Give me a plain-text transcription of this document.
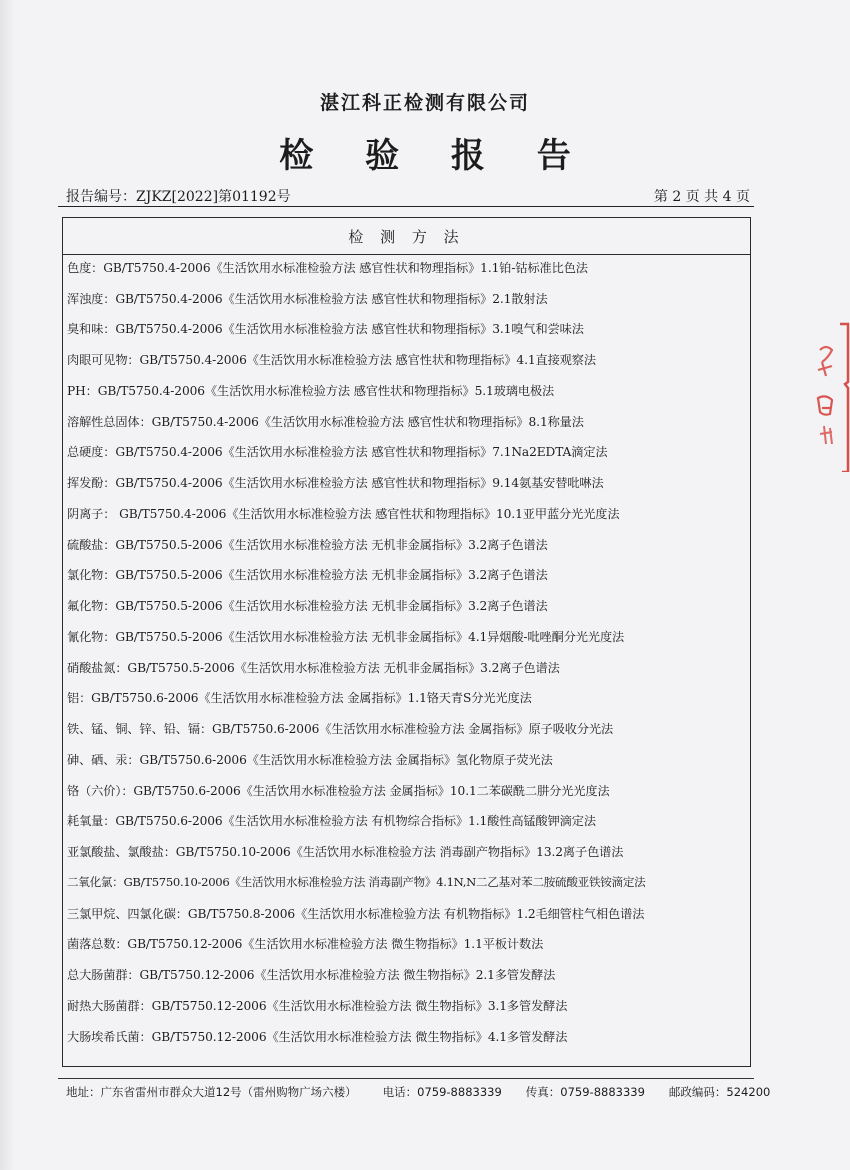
湛江科正检测有限公司
检 验 报 告
报告编号：ZJKZ[2022]第01192号	第 2 页 共 4 页
检 测 方 法
色度：GB/T5750.4-2006《生活饮用水标准检验方法 感官性状和物理指标》1.1铂-钴标准比色法
浑浊度：GB/T5750.4-2006《生活饮用水标准检验方法 感官性状和物理指标》2.1散射法
臭和味：GB/T5750.4-2006《生活饮用水标准检验方法 感官性状和物理指标》3.1嗅气和尝味法
肉眼可见物：GB/T5750.4-2006《生活饮用水标准检验方法 感官性状和物理指标》4.1直接观察法
PH：GB/T5750.4-2006《生活饮用水标准检验方法 感官性状和物理指标》5.1玻璃电极法
溶解性总固体：GB/T5750.4-2006《生活饮用水标准检验方法 感官性状和物理指标》8.1称量法
总硬度：GB/T5750.4-2006《生活饮用水标准检验方法 感官性状和物理指标》7.1Na2EDTA滴定法
挥发酚：GB/T5750.4-2006《生活饮用水标准检验方法 感官性状和物理指标》9.14氨基安替吡啉法
阴离子： GB/T5750.4-2006《生活饮用水标准检验方法 感官性状和物理指标》10.1亚甲蓝分光光度法
硫酸盐：GB/T5750.5-2006《生活饮用水标准检验方法 无机非金属指标》3.2离子色谱法
氯化物：GB/T5750.5-2006《生活饮用水标准检验方法 无机非金属指标》3.2离子色谱法
氟化物：GB/T5750.5-2006《生活饮用水标准检验方法 无机非金属指标》3.2离子色谱法
氰化物：GB/T5750.5-2006《生活饮用水标准检验方法 无机非金属指标》4.1异烟酸-吡唑酮分光光度法
硝酸盐氮：GB/T5750.5-2006《生活饮用水标准检验方法 无机非金属指标》3.2离子色谱法
铝：GB/T5750.6-2006《生活饮用水标准检验方法 金属指标》1.1铬天青S分光光度法
铁、锰、铜、锌、铅、镉：GB/T5750.6-2006《生活饮用水标准检验方法 金属指标》原子吸收分光法
砷、硒、汞：GB/T5750.6-2006《生活饮用水标准检验方法 金属指标》氢化物原子荧光法
铬（六价）：GB/T5750.6-2006《生活饮用水标准检验方法 金属指标》10.1二苯碳酰二肼分光光度法
耗氧量：GB/T5750.6-2006《生活饮用水标准检验方法 有机物综合指标》1.1酸性高锰酸钾滴定法
亚氯酸盐、氯酸盐：GB/T5750.10-2006《生活饮用水标准检验方法 消毒副产物指标》13.2离子色谱法
二氧化氯：GB/T5750.10-2006《生活饮用水标准检验方法 消毒副产物》4.1N,N二乙基对苯二胺硫酸亚铁铵滴定法
三氯甲烷、四氯化碳：GB/T5750.8-2006《生活饮用水标准检验方法 有机物指标》1.2毛细管柱气相色谱法
菌落总数：GB/T5750.12-2006《生活饮用水标准检验方法 微生物指标》1.1平板计数法
总大肠菌群：GB/T5750.12-2006《生活饮用水标准检验方法 微生物指标》2.1多管发酵法
耐热大肠菌群：GB/T5750.12-2006《生活饮用水标准检验方法 微生物指标》3.1多管发酵法
大肠埃希氏菌：GB/T5750.12-2006《生活饮用水标准检验方法 微生物指标》4.1多管发酵法
地址：广东省雷州市群众大道12号（雷州购物广场六楼） 电话：0759-8883339 传真：0759-8883339 邮政编码：524200
